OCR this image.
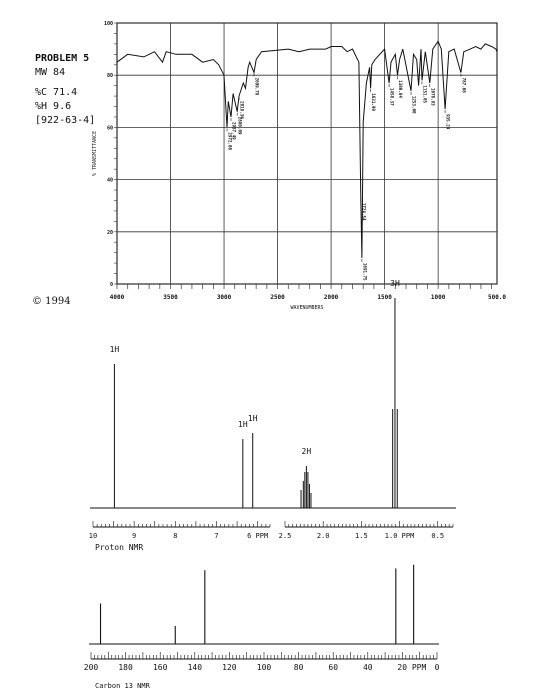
PROBLEM 5
MW 84
%C 71.4
%H 9.6
[922-63-4]
© 1994	4000	3500	3000	2500	2000	1500	1000	500.0
100
80
60
40
20
0
% TRANSMITTANCE
WAVENUMBERS
2972.08
2937.49 2880.09
2818.36
2699.78
1724.54
1691.75
1631.99	1458.37 1380.84
1253.00
1151.05 1078.83
935.24
787.08
10	9	8	7	6 PPM 2.5	2.0	1.5 1.0 PPM 0.5
Proton NMR
1H
1H
1H
2H
3H
200	180	160	140	120	100	80	60	40	20 PPM 0
Carbon 13 NMR
